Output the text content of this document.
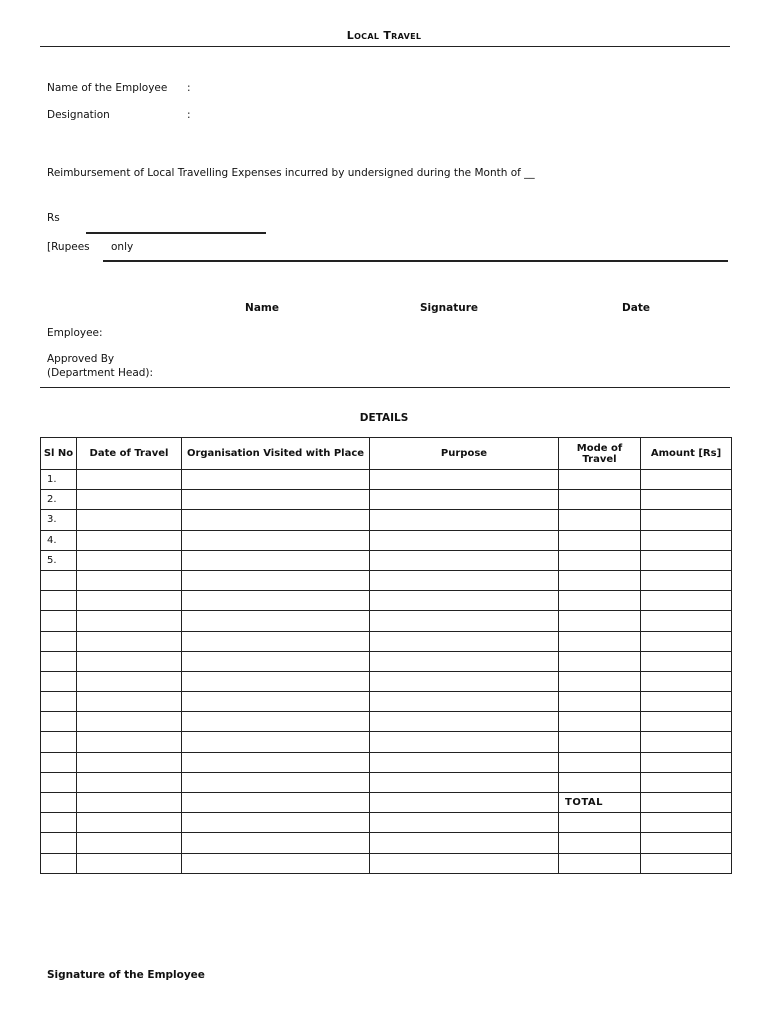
Local Travel
Name of the Employee :
Designation	:
Reimbursement of Local Travelling Expenses incurred by undersigned during the Month of __
Rs
[Rupees only
Name	Signature	Date
Employee:
Approved By
(Department Head):
DETAILS
Sl No	Date of Travel	Organisation Visited with Place	Purpose	Mode of Travel	Amount [Rs]
1.					
2.					
3.					
4.					
5.					

				TOTAL	

Signature of the Employee
